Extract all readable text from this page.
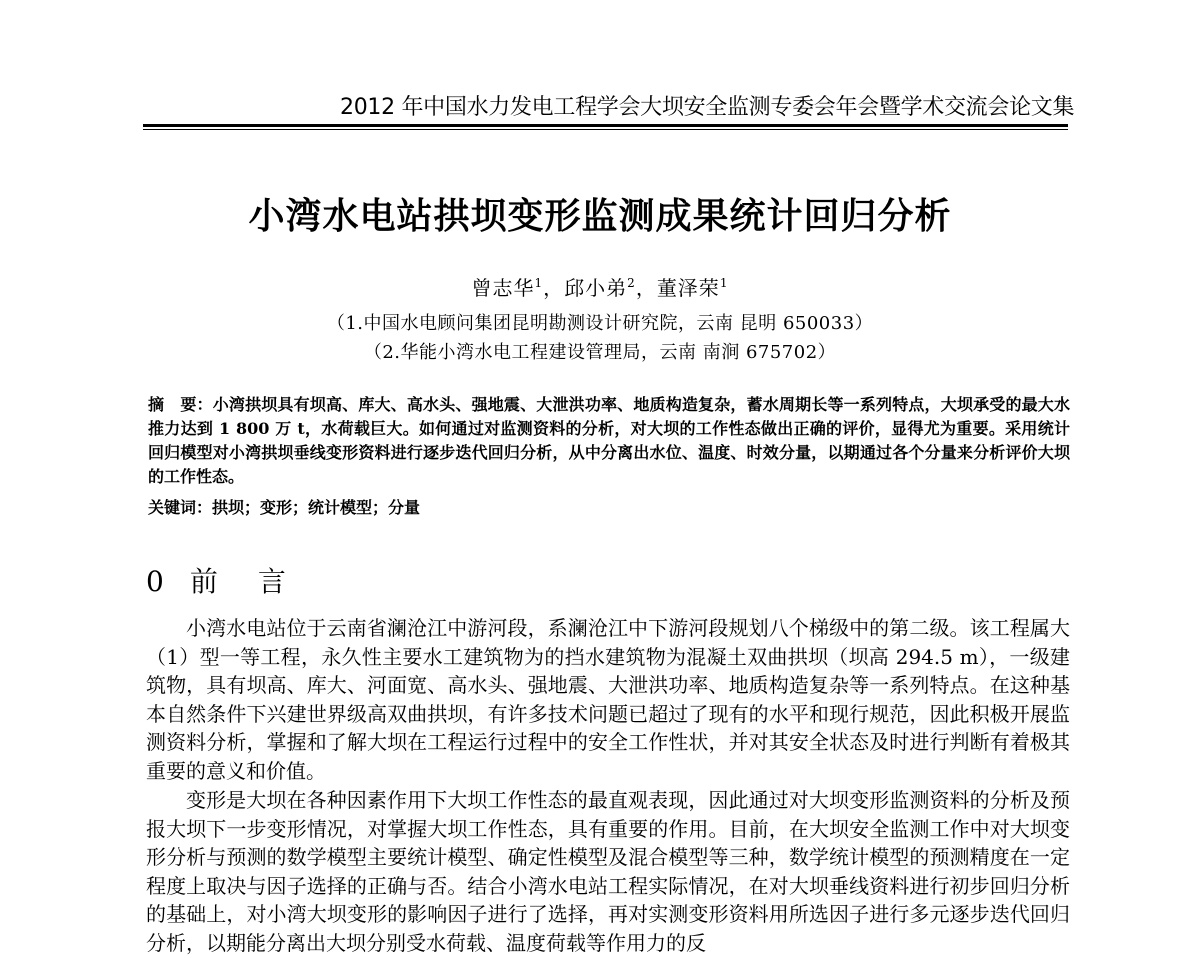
2012 年中国水力发电工程学会大坝安全监测专委会年会暨学术交流会论文集
小湾水电站拱坝变形监测成果统计回归分析
曾志华$^1$，邱小弟$^2$，董泽荣$^1$
（1.中国水电顾问集团昆明勘测设计研究院，云南 昆明 650033）
（2.华能小湾水电工程建设管理局，云南 南涧 675702）
摘　要：小湾拱坝具有坝高、库大、高水头、强地震、大泄洪功率、地质构造复杂，蓄水周期长等一系列特点，大坝承受的最大水推力达到 1 800 万 t，水荷载巨大。如何通过对监测资料的分析，对大坝的工作性态做出正确的评价，显得尤为重要。采用统计回归模型对小湾拱坝垂线变形资料进行逐步迭代回归分析，从中分离出水位、温度、时效分量，以期通过各个分量来分析评价大坝的工作性态。
关键词：拱坝；变形；统计模型；分量
0 前　言

小湾水电站位于云南省澜沧江中游河段，系澜沧江中下游河段规划八个梯级中的第二级。该工程属大（1）型一等工程，永久性主要水工建筑物为的挡水建筑物为混凝土双曲拱坝（坝高 294.5 m），一级建筑物，具有坝高、库大、河面宽、高水头、强地震、大泄洪功率、地质构造复杂等一系列特点。在这种基本自然条件下兴建世界级高双曲拱坝，有许多技术问题已超过了现有的水平和现行规范，因此积极开展监测资料分析，掌握和了解大坝在工程运行过程中的安全工作性状，并对其安全状态及时进行判断有着极其重要的意义和价值。

变形是大坝在各种因素作用下大坝工作性态的最直观表现，因此通过对大坝变形监测资料的分析及预报大坝下一步变形情况，对掌握大坝工作性态，具有重要的作用。目前，在大坝安全监测工作中对大坝变形分析与预测的数学模型主要统计模型、确定性模型及混合模型等三种，数学统计模型的预测精度在一定程度上取决与因子选择的正确与否。结合小湾水电站工程实际情况，在对大坝垂线资料进行初步回归分析的基础上，对小湾大坝变形的影响因子进行了选择，再对实测变形资料用所选因子进行多元逐步迭代回归分析，以期能分离出大坝分别受水荷载、温度荷载等作用力的反
